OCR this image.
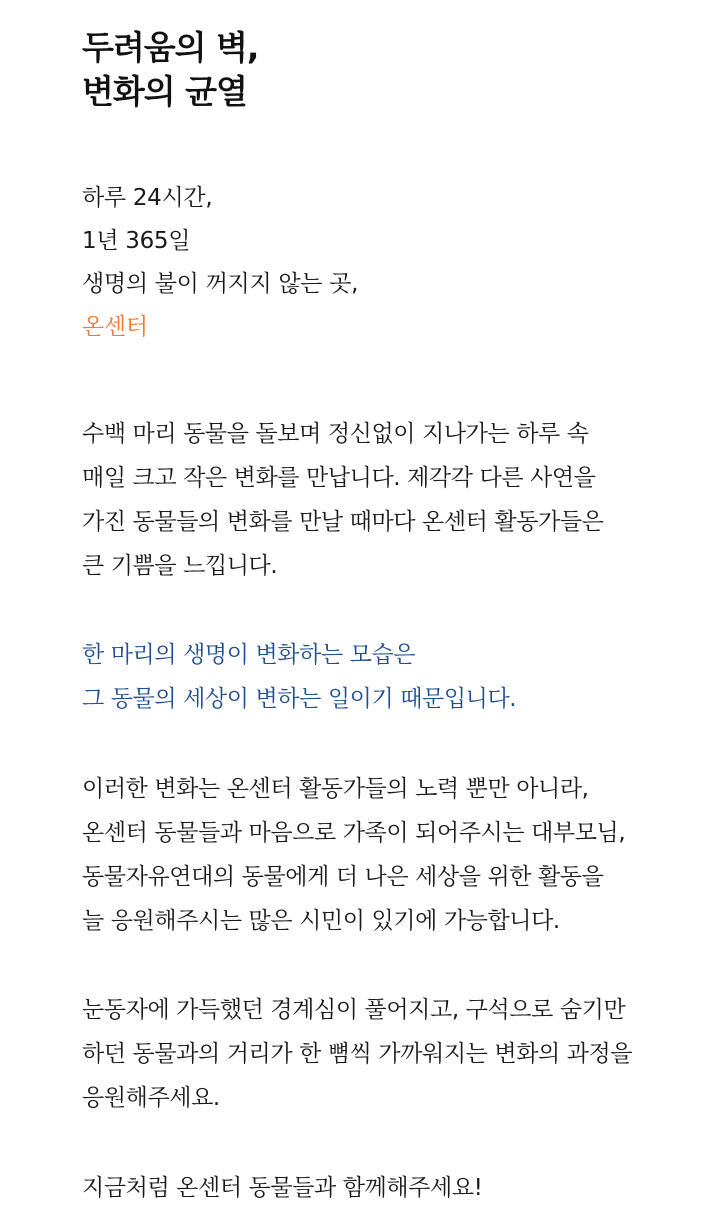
두려움의 벽,
변화의 균열
하루 24시간,
1년 365일
생명의 불이 꺼지지 않는 곳,
온센터

수백 마리 동물을 돌보며 정신없이 지나가는 하루 속
매일 크고 작은 변화를 만납니다. 제각각 다른 사연을
가진 동물들의 변화를 만날 때마다 온센터 활동가들은
큰 기쁨을 느낍니다.

한 마리의 생명이 변화하는 모습은
그 동물의 세상이 변하는 일이기 때문입니다.

이러한 변화는 온센터 활동가들의 노력 뿐만 아니라,
온센터 동물들과 마음으로 가족이 되어주시는 대부모님,
동물자유연대의 동물에게 더 나은 세상을 위한 활동을
늘 응원해주시는 많은 시민이 있기에 가능합니다.

눈동자에 가득했던 경계심이 풀어지고, 구석으로 숨기만
하던 동물과의 거리가 한 뼘씩 가까워지는 변화의 과정을
응원해주세요.

지금처럼 온센터 동물들과 함께해주세요!
